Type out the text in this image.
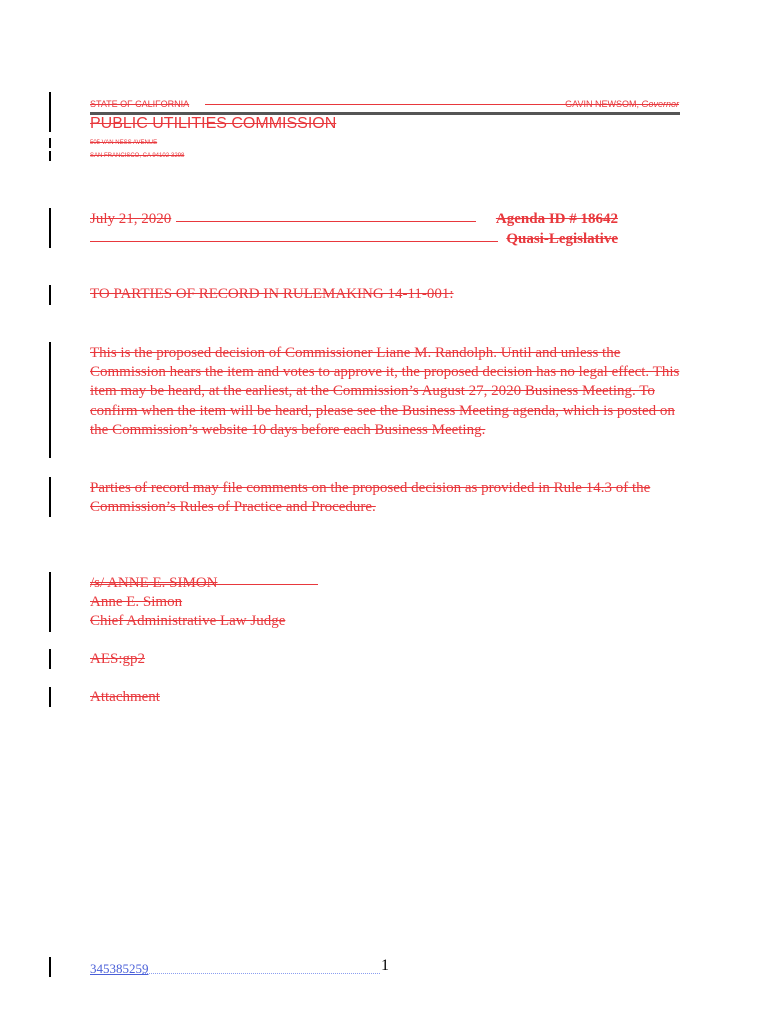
STATE OF CALIFORNIA	GAVIN NEWSOM, Governor
PUBLIC UTILITIES COMMISSION
505 VAN NESS AVENUE
SAN FRANCISCO, CA 94102-3298
July 21, 2020	Agenda ID # 18642
Quasi-Legislative
TO PARTIES OF RECORD IN RULEMAKING 14-11-001:
This is the proposed decision of Commissioner Liane M. Randolph. Until and unless the Commission hears the item and votes to approve it, the proposed decision has no legal effect. This item may be heard, at the earliest, at the Commission’s August 27, 2020 Business Meeting. To confirm when the item will be heard, please see the Business Meeting agenda, which is posted on the Commission’s website 10 days before each Business Meeting.
Parties of record may file comments on the proposed decision as provided in Rule 14.3 of the Commission’s Rules of Practice and Procedure.
/s/ ANNE E. SIMON
Anne E. Simon
Chief Administrative Law Judge
AES:gp2
Attachment
345385259	1
